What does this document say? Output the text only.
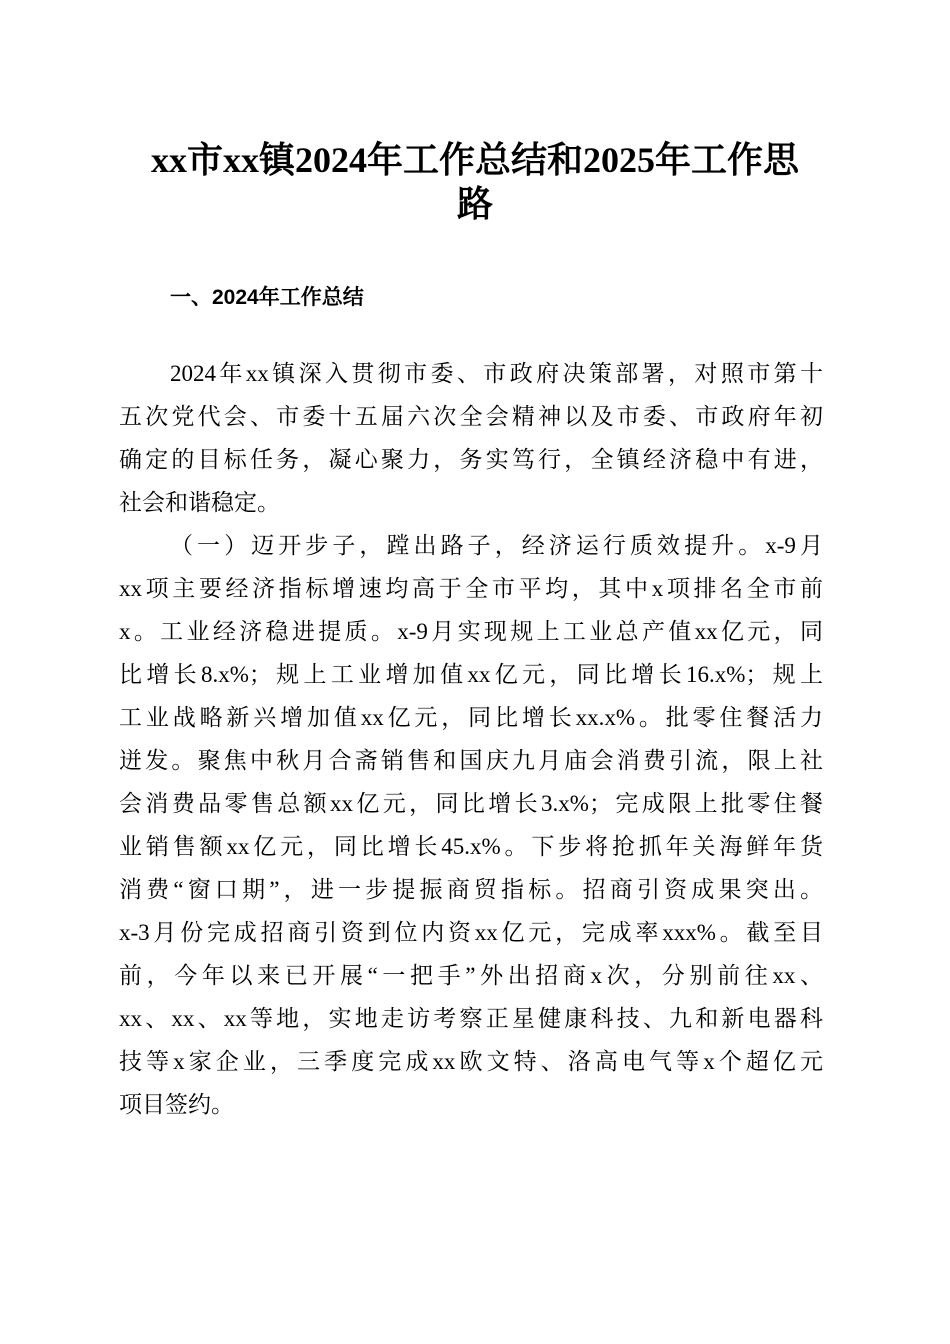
xx市xx镇2024年工作总结和2025年工作思
路
一、2024年工作总结
2024年xx镇深入贯彻市委、市政府决策部署，对照市第十
五次党代会、市委十五届六次全会精神以及市委、市政府年初
确定的目标任务，凝心聚力，务实笃行，全镇经济稳中有进，
社会和谐稳定。
（一）迈开步子，蹚出路子，经济运行质效提升。x-9月
xx项主要经济指标增速均高于全市平均，其中x项排名全市前
x。工业经济稳进提质。x-9月实现规上工业总产值xx亿元，同
比增长8.x%；规上工业增加值xx亿元，同比增长16.x%；规上
工业战略新兴增加值xx亿元，同比增长xx.x%。批零住餐活力
迸发。聚焦中秋月合斋销售和国庆九月庙会消费引流，限上社
会消费品零售总额xx亿元，同比增长3.x%；完成限上批零住餐
业销售额xx亿元，同比增长45.x%。下步将抢抓年关海鲜年货
消费“窗口期”，进一步提振商贸指标。招商引资成果突出。
x-3月份完成招商引资到位内资xx亿元，完成率xxx%。截至目
前，今年以来已开展“一把手”外出招商x次，分别前往xx、
xx、xx、xx等地，实地走访考察正星健康科技、九和新电器科
技等x家企业，三季度完成xx欧文特、洛高电气等x个超亿元
项目签约。
